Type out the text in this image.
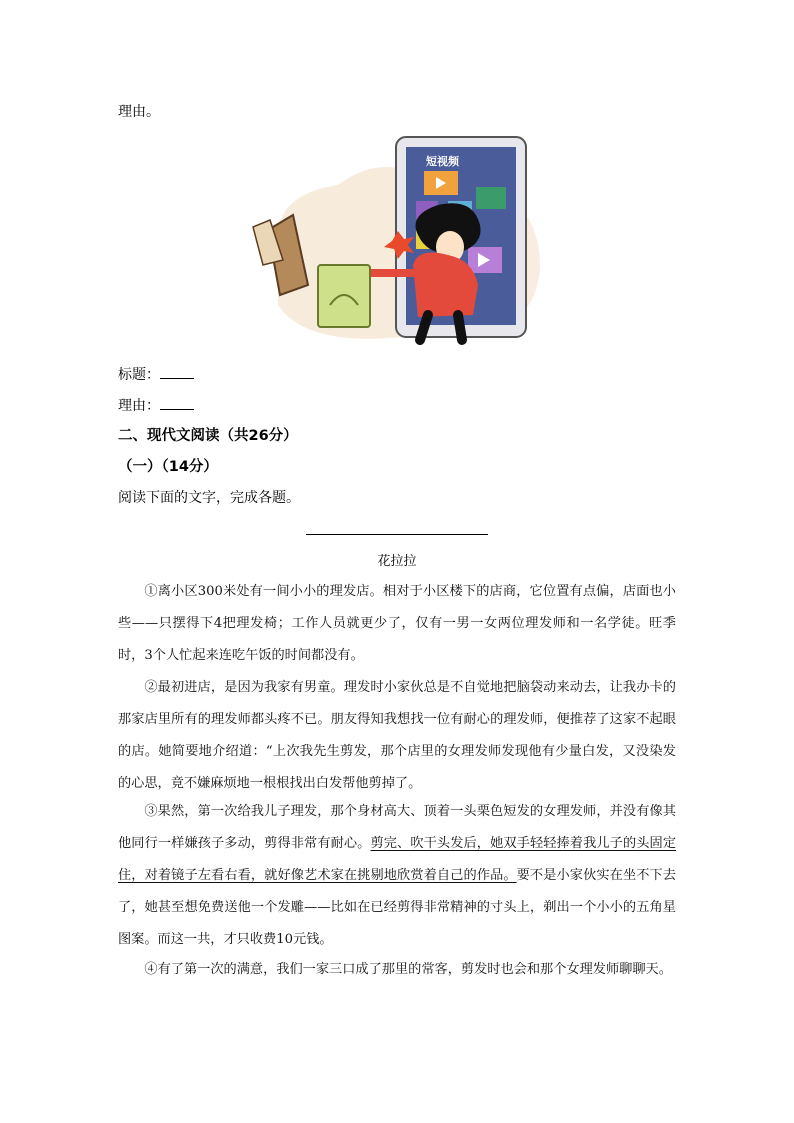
理由。
短视频
标题：
理由：
二、现代文阅读（共26分）
（一）（14分）
阅读下面的文字，完成各题。
花拉拉

①离小区300米处有一间小小的理发店。相对于小区楼下的店商，它位置有点偏，店面也小些——只摆得下4把理发椅；工作人员就更少了，仅有一男一女两位理发师和一名学徒。旺季时，3个人忙起来连吃午饭的时间都没有。

②最初进店，是因为我家有男童。理发时小家伙总是不自觉地把脑袋动来动去，让我办卡的那家店里所有的理发师都头疼不已。朋友得知我想找一位有耐心的理发师，便推荐了这家不起眼的店。她简要地介绍道：“上次我先生剪发，那个店里的女理发师发现他有少量白发，又没染发的心思，竟不嫌麻烦地一根根找出白发帮他剪掉了。

③果然，第一次给我儿子理发，那个身材高大、顶着一头栗色短发的女理发师，并没有像其他同行一样嫌孩子多动，剪得非常有耐心。剪完、吹干头发后，她双手轻轻捧着我儿子的头固定住，对着镜子左看右看，就好像艺术家在挑剔地欣赏着自己的作品。要不是小家伙实在坐不下去了，她甚至想免费送他一个发雕——比如在已经剪得非常精神的寸头上，剃出一个小小的五角星图案。而这一共，才只收费10元钱。

④有了第一次的满意，我们一家三口成了那里的常客，剪发时也会和那个女理发师聊聊天。
